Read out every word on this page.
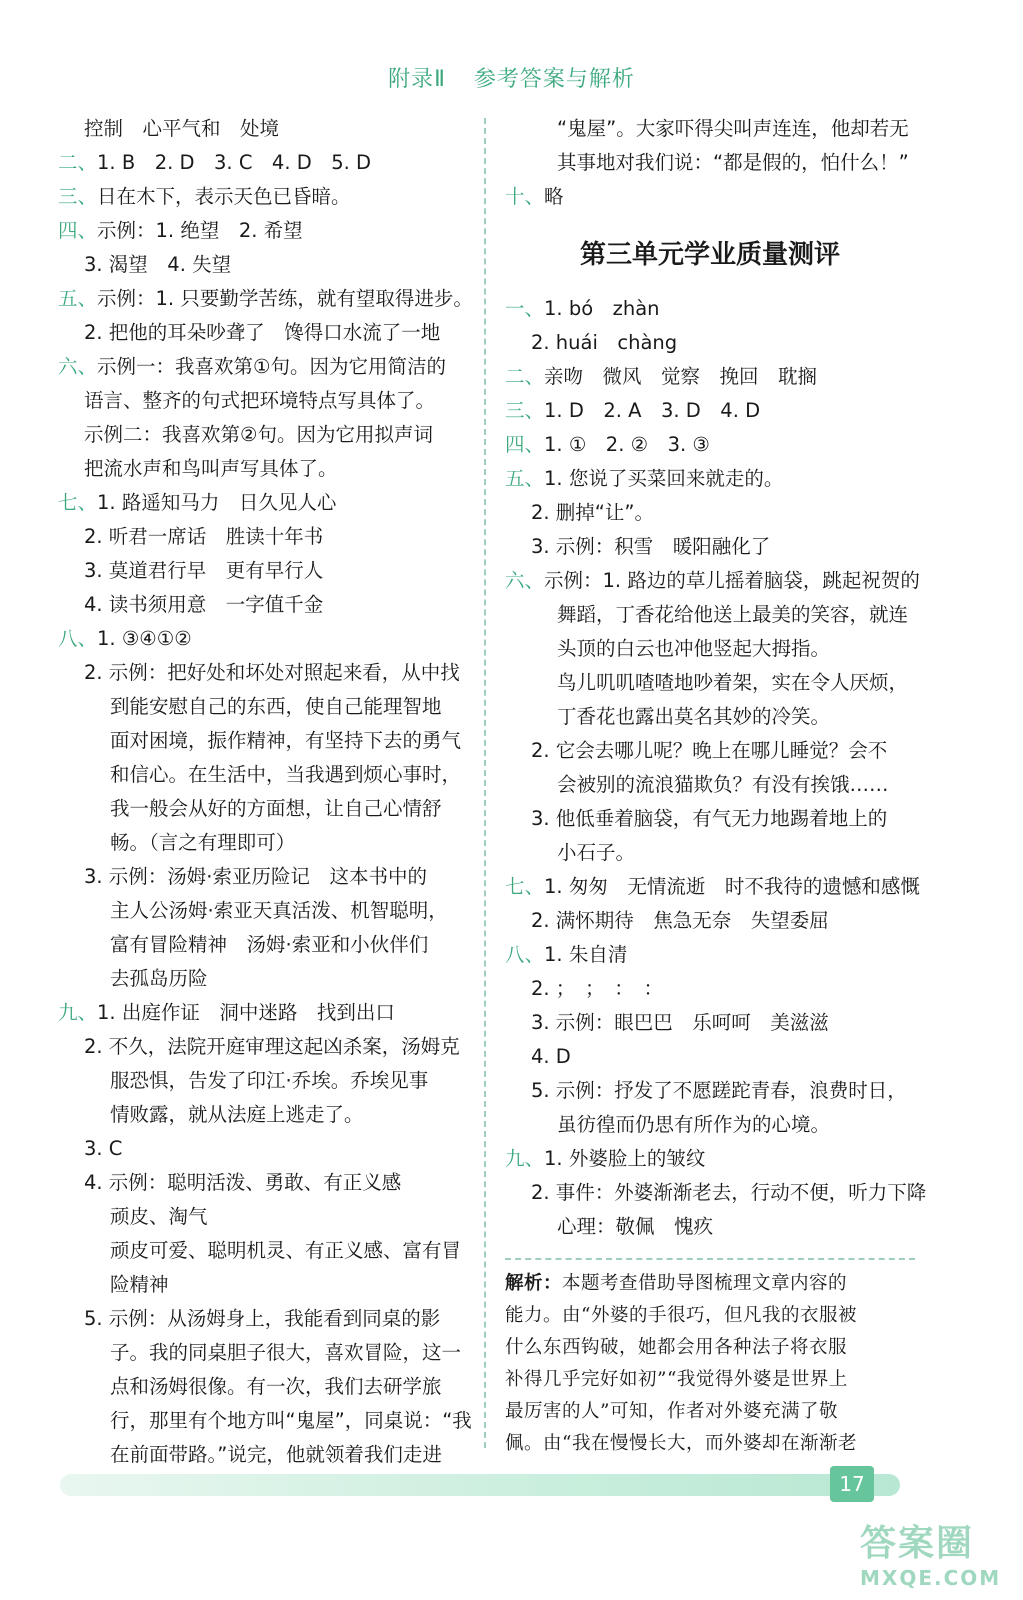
附录Ⅱ 参考答案与解析
控制　心平气和　处境
二、1. B　2. D　3. C　4. D　5. D
三、日在木下，表示天色已昏暗。
四、示例：1. 绝望　2. 希望
3. 渴望　4. 失望
五、示例：1. 只要勤学苦练，就有望取得进步。
2. 把他的耳朵吵聋了　馋得口水流了一地
六、示例一：我喜欢第①句。因为它用简洁的
语言、整齐的句式把环境特点写具体了。
示例二：我喜欢第②句。因为它用拟声词
把流水声和鸟叫声写具体了。
七、1. 路遥知马力　日久见人心
2. 听君一席话　胜读十年书
3. 莫道君行早　更有早行人
4. 读书须用意　一字值千金
八、1. ③④①②
2. 示例：把好处和坏处对照起来看，从中找
到能安慰自己的东西，使自己能理智地
面对困境，振作精神，有坚持下去的勇气
和信心。在生活中，当我遇到烦心事时，
我一般会从好的方面想，让自己心情舒
畅。（言之有理即可）
3. 示例：汤姆·索亚历险记　这本书中的
主人公汤姆·索亚天真活泼、机智聪明，
富有冒险精神　汤姆·索亚和小伙伴们
去孤岛历险
九、1. 出庭作证　洞中迷路　找到出口
2. 不久，法院开庭审理这起凶杀案，汤姆克
服恐惧，告发了印江·乔埃。乔埃见事
情败露，就从法庭上逃走了。
3. C
4. 示例：聪明活泼、勇敢、有正义感
顽皮、淘气
顽皮可爱、聪明机灵、有正义感、富有冒
险精神
5. 示例：从汤姆身上，我能看到同桌的影
子。我的同桌胆子很大，喜欢冒险，这一
点和汤姆很像。有一次，我们去研学旅
行，那里有个地方叫“鬼屋”，同桌说：“我
在前面带路。”说完，他就领着我们走进
“鬼屋”。大家吓得尖叫声连连，他却若无
其事地对我们说：“都是假的，怕什么！”
十、略
第三单元学业质量测评
一、1. bó　zhàn
2. huái　chàng
二、亲吻　微风　觉察　挽回　耽搁
三、1. D　2. A　3. D　4. D
四、1. ①　2. ②　3. ③
五、1. 您说了买菜回来就走的。
2. 删掉“让”。
3. 示例：积雪　暖阳融化了
六、示例：1. 路边的草儿摇着脑袋，跳起祝贺的
舞蹈，丁香花给他送上最美的笑容，就连
头顶的白云也冲他竖起大拇指。
鸟儿叽叽喳喳地吵着架，实在令人厌烦，
丁香花也露出莫名其妙的冷笑。
2. 它会去哪儿呢？晚上在哪儿睡觉？会不
会被别的流浪猫欺负？有没有挨饿……
3. 他低垂着脑袋，有气无力地踢着地上的
小石子。
七、1. 匆匆　无情流逝　时不我待的遗憾和感慨
2. 满怀期待　焦急无奈　失望委屈
八、1. 朱自清
2. ；　；　：　：
3. 示例：眼巴巴　乐呵呵　美滋滋
4. D
5. 示例：抒发了不愿蹉跎青春，浪费时日，
虽彷徨而仍思有所作为的心境。
九、1. 外婆脸上的皱纹
2. 事件：外婆渐渐老去，行动不便，听力下降
心理：敬佩　愧疚
解析：本题考查借助导图梳理文章内容的
能力。由“外婆的手很巧，但凡我的衣服被
什么东西钩破，她都会用各种法子将衣服
补得几乎完好如初”“我觉得外婆是世界上
最厉害的人”可知，作者对外婆充满了敬
佩。由“我在慢慢长大，而外婆却在渐渐老
17
答案圈
MXQE.COM
